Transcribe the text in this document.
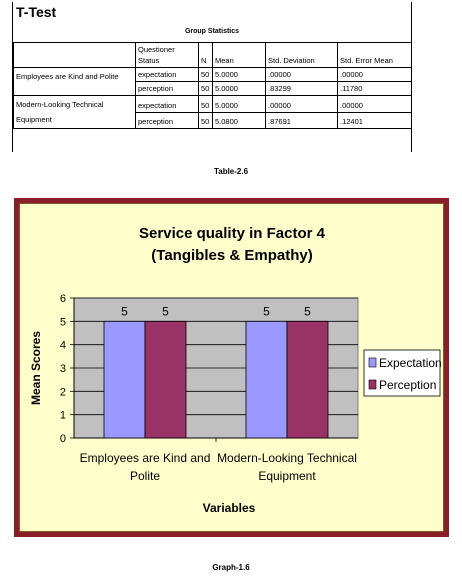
T-Test
Group Statistics
	Questioner Status	N	Mean	Std. Deviation	Std. Error Mean
Employees are Kind and Polite	expectation	50	5.0000	.00000	.00000
	perception	50	5.0000	.83299	.11780
Modern-Looking Technical Equipment	expectation	50	5.0000	.00000	.00000
	perception	50	5.0800	.87691	.12401
Table-2.6
Service quality in Factor 4
(Tangibles & Empathy)
0
1
2
3
4
5
6
5	5
Employees are Kind and
Polite
5	5
Modern-Looking Technical
Equipment
Mean Scores
Variables
Expectation
Perception
Graph-1.6
